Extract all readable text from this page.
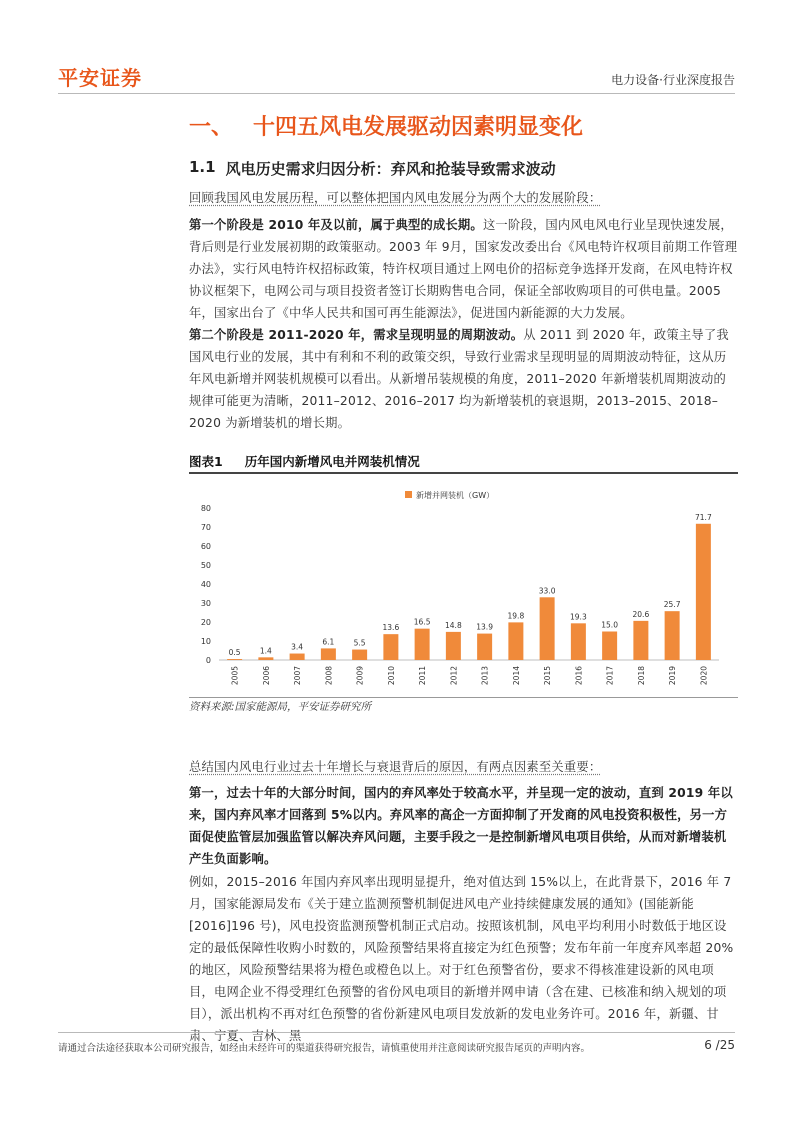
平安证券	电力设备·行业深度报告
一、 十四五风电发展驱动因素明显变化
1.1 风电历史需求归因分析：弃风和抢装导致需求波动
回顾我国风电发展历程，可以整体把国内风电发展分为两个大的发展阶段：
第一个阶段是 2010 年及以前，属于典型的成长期。这一阶段，国内风电风电行业呈现快速发展，背后则是行业发展初期的政策驱动。2003 年 9月，国家发改委出台《风电特许权项目前期工作管理办法》，实行风电特许权招标政策，特许权项目通过上网电价的招标竞争选择开发商，在风电特许权协议框架下，电网公司与项目投资者签订长期购售电合同，保证全部收购项目的可供电量。2005 年，国家出台了《中华人民共和国可再生能源法》，促进国内新能源的大力发展。
第二个阶段是 2011-2020 年，需求呈现明显的周期波动。从 2011 到 2020 年，政策主导了我国风电行业的发展，其中有利和不利的政策交织，导致行业需求呈现明显的周期波动特征，这从历年风电新增并网装机规模可以看出。从新增吊装规模的角度，2011–2020 年新增装机周期波动的规律可能更为清晰，2011–2012、2016–2017 均为新增装机的衰退期，2013–2015、2018–2020 为新增装机的增长期。
图表1 历年国内新增风电并网装机情况
0
10
20
30
40
50
60
70
80
2005	2006	2007	2008	2009	2010	2011	2012	2013	2014	2015	2016	2017	2018	2019	2020
0.5	1.4	3.4
6.1	5.5
13.6
16.5 14.8 13.9
19.8
33.0
19.3
15.0
20.6
25.7
71.7
新增并网装机（GW）
资料来源:国家能源局，平安证券研究所
总结国内风电行业过去十年增长与衰退背后的原因，有两点因素至关重要：
第一，过去十年的大部分时间，国内的弃风率处于较高水平，并呈现一定的波动，直到 2019 年以来，国内弃风率才回落到 5%以内。弃风率的高企一方面抑制了开发商的风电投资积极性，另一方面促使监管层加强监管以解决弃风问题，主要手段之一是控制新增风电项目供给，从而对新增装机产生负面影响。
例如，2015–2016 年国内弃风率出现明显提升，绝对值达到 15%以上，在此背景下，2016 年 7月，国家能源局发布《关于建立监测预警机制促进风电产业持续健康发展的通知》(国能新能[2016]196 号)，风电投资监测预警机制正式启动。按照该机制，风电平均利用小时数低于地区设定的最低保障性收购小时数的，风险预警结果将直接定为红色预警；发布年前一年度弃风率超 20%的地区，风险预警结果将为橙色或橙色以上。对于红色预警省份，要求不得核准建设新的风电项目，电网企业不得受理红色预警的省份风电项目的新增并网申请（含在建、已核准和纳入规划的项目），派出机构不再对红色预警的省份新建风电项目发放新的发电业务许可。2016 年，新疆、甘肃、宁夏、吉林、黑
请通过合法途径获取本公司研究报告，如经由未经许可的渠道获得研究报告，请慎重使用并注意阅读研究报告尾页的声明内容。	6 /25
